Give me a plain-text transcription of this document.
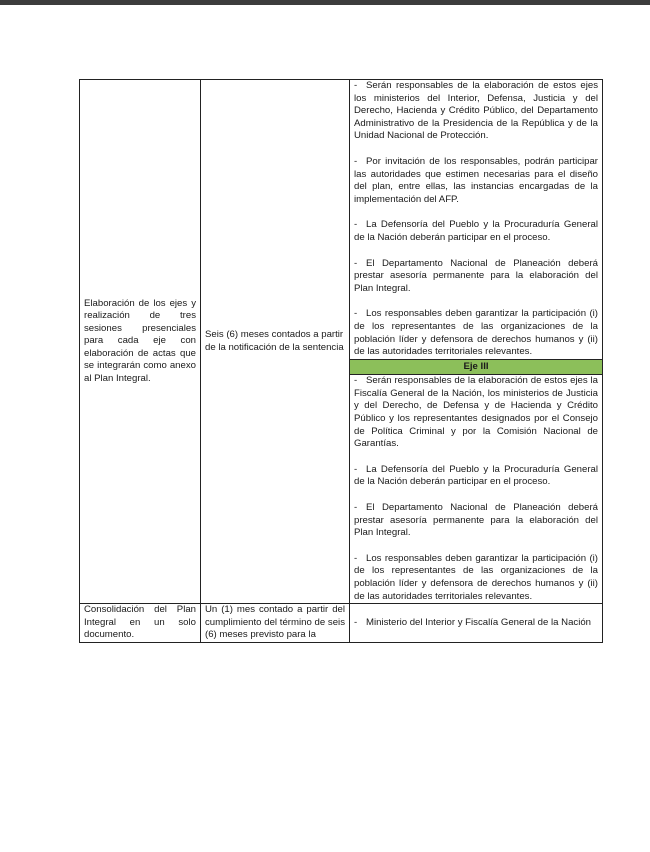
Elaboración de los ejes y realización de tres sesiones presenciales para cada eje con elaboración de actas que se integrarán como anexo al Plan Integral.	Seis (6) meses contados a partir de la notificación de la sentencia	- Serán responsables de la elaboración de estos ejes los ministerios del Interior, Defensa, Justicia y del Derecho, Hacienda y Crédito Público, del Departamento Administrativo de la Presidencia de la República y de la Unidad Nacional de Protección.

- Por invitación de los responsables, podrán participar las autoridades que estimen necesarias para el diseño del plan, entre ellas, las instancias encargadas de la implementación del AFP.

- La Defensoría del Pueblo y la Procuraduría General de la Nación deberán participar en el proceso.

- El Departamento Nacional de Planeación deberá prestar asesoría permanente para la elaboración del Plan Integral.

- Los responsables deben garantizar la participación (i) de los representantes de las organizaciones de la población líder y defensora de derechos humanos y (ii) de las autoridades territoriales relevantes.

		Eje III

		- Serán responsables de la elaboración de estos ejes la Fiscalía General de la Nación, los ministerios de Justicia y del Derecho, de Defensa y de Hacienda y Crédito Público y los representantes designados por el Consejo de Política Criminal y por la Comisión Nacional de Garantías.

- La Defensoría del Pueblo y la Procuraduría General de la Nación deberán participar en el proceso.

- El Departamento Nacional de Planeación deberá prestar asesoría permanente para la elaboración del Plan Integral.

- Los responsables deben garantizar la participación (i) de los representantes de las organizaciones de la población líder y defensora de derechos humanos y (ii) de las autoridades territoriales relevantes.

Consolidación del Plan Integral en un solo documento.	Un (1) mes contado a partir del cumplimiento del término de seis (6) meses previsto para la	- Ministerio del Interior y Fiscalía General de la Nación
